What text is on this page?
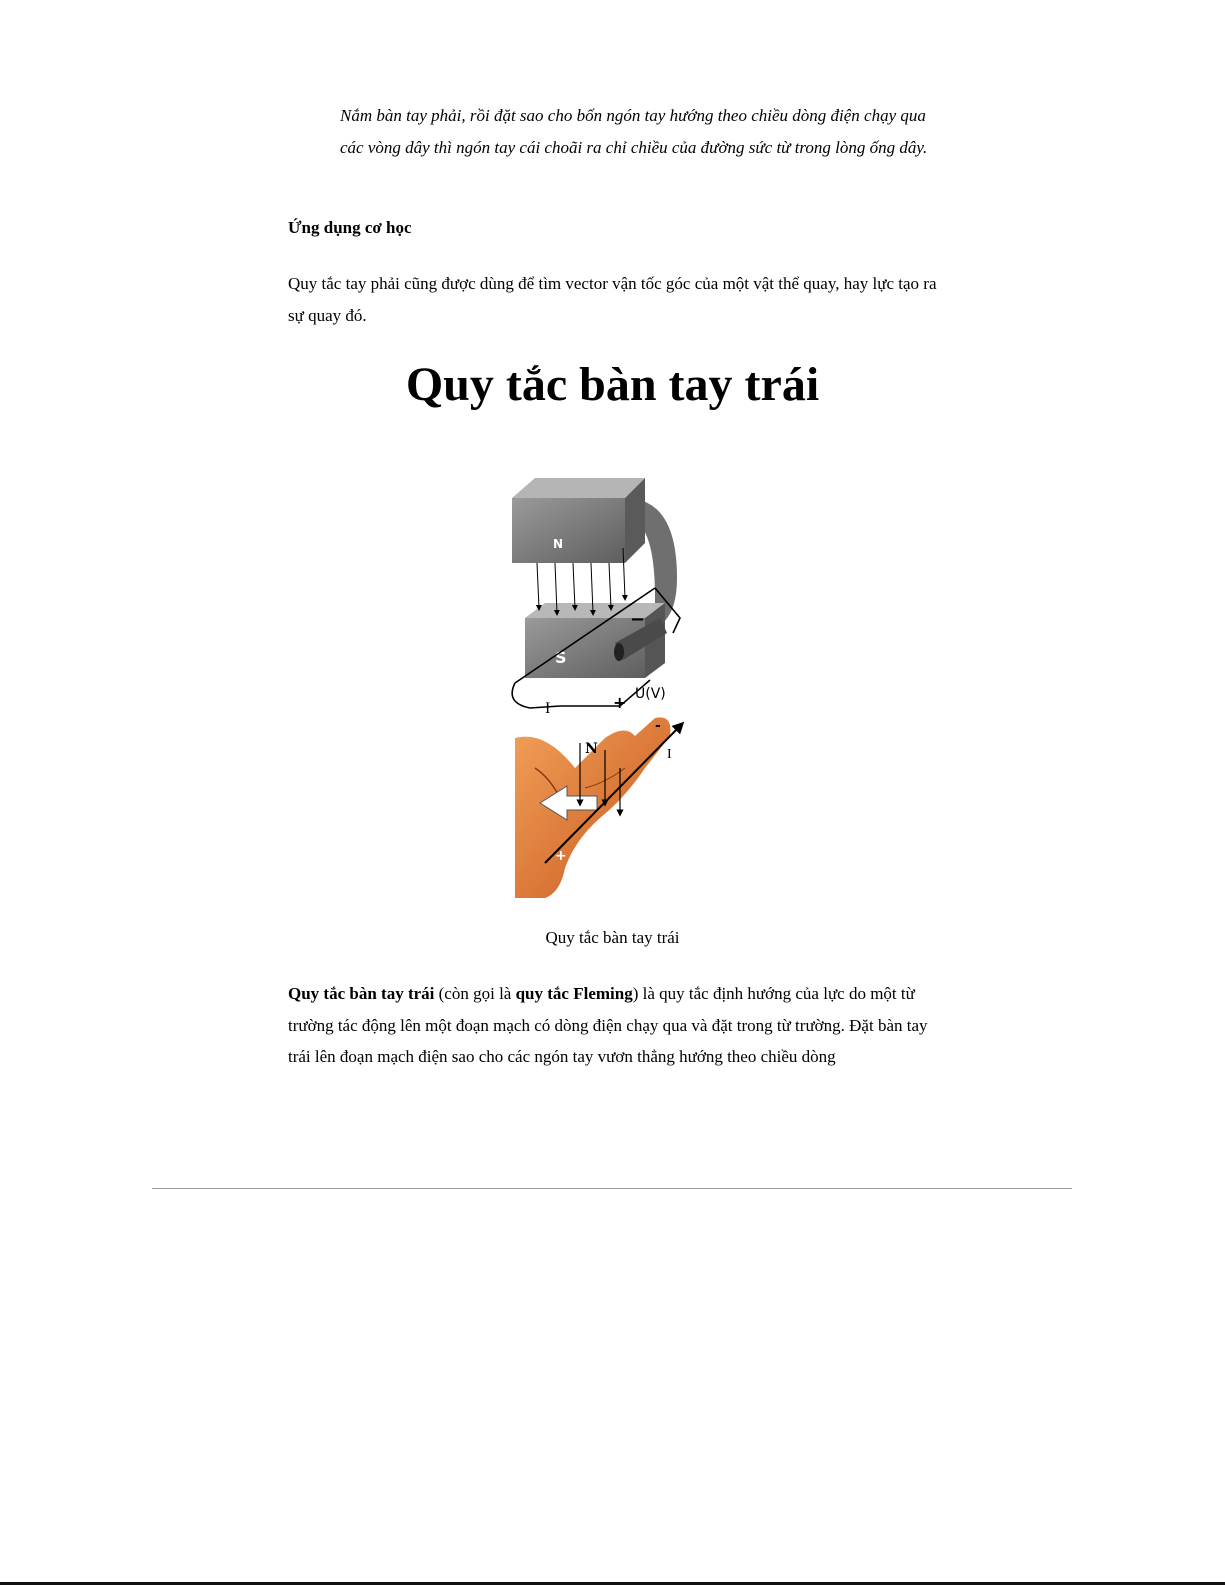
Nắm bàn tay phải, rồi đặt sao cho bốn ngón tay hướng theo chiều dòng điện chạy qua các vòng dây thì ngón tay cái choãi ra chỉ chiều của đường sức từ trong lòng ống dây.
Ứng dụng cơ học
Quy tắc tay phải cũng được dùng để tìm vector vận tốc góc của một vật thể quay, hay lực tạo ra sự quay đó.
Quy tắc bàn tay trái
N
S
I	+
−
U(V)
N	I
-
+
Quy tắc bàn tay trái
Quy tắc bàn tay trái (còn gọi là quy tắc Fleming) là quy tắc định hướng của lực do một từ trường tác động lên một đoạn mạch có dòng điện chạy qua và đặt trong từ trường. Đặt bàn tay trái lên đoạn mạch điện sao cho các ngón tay vươn thẳng hướng theo chiều dòng
